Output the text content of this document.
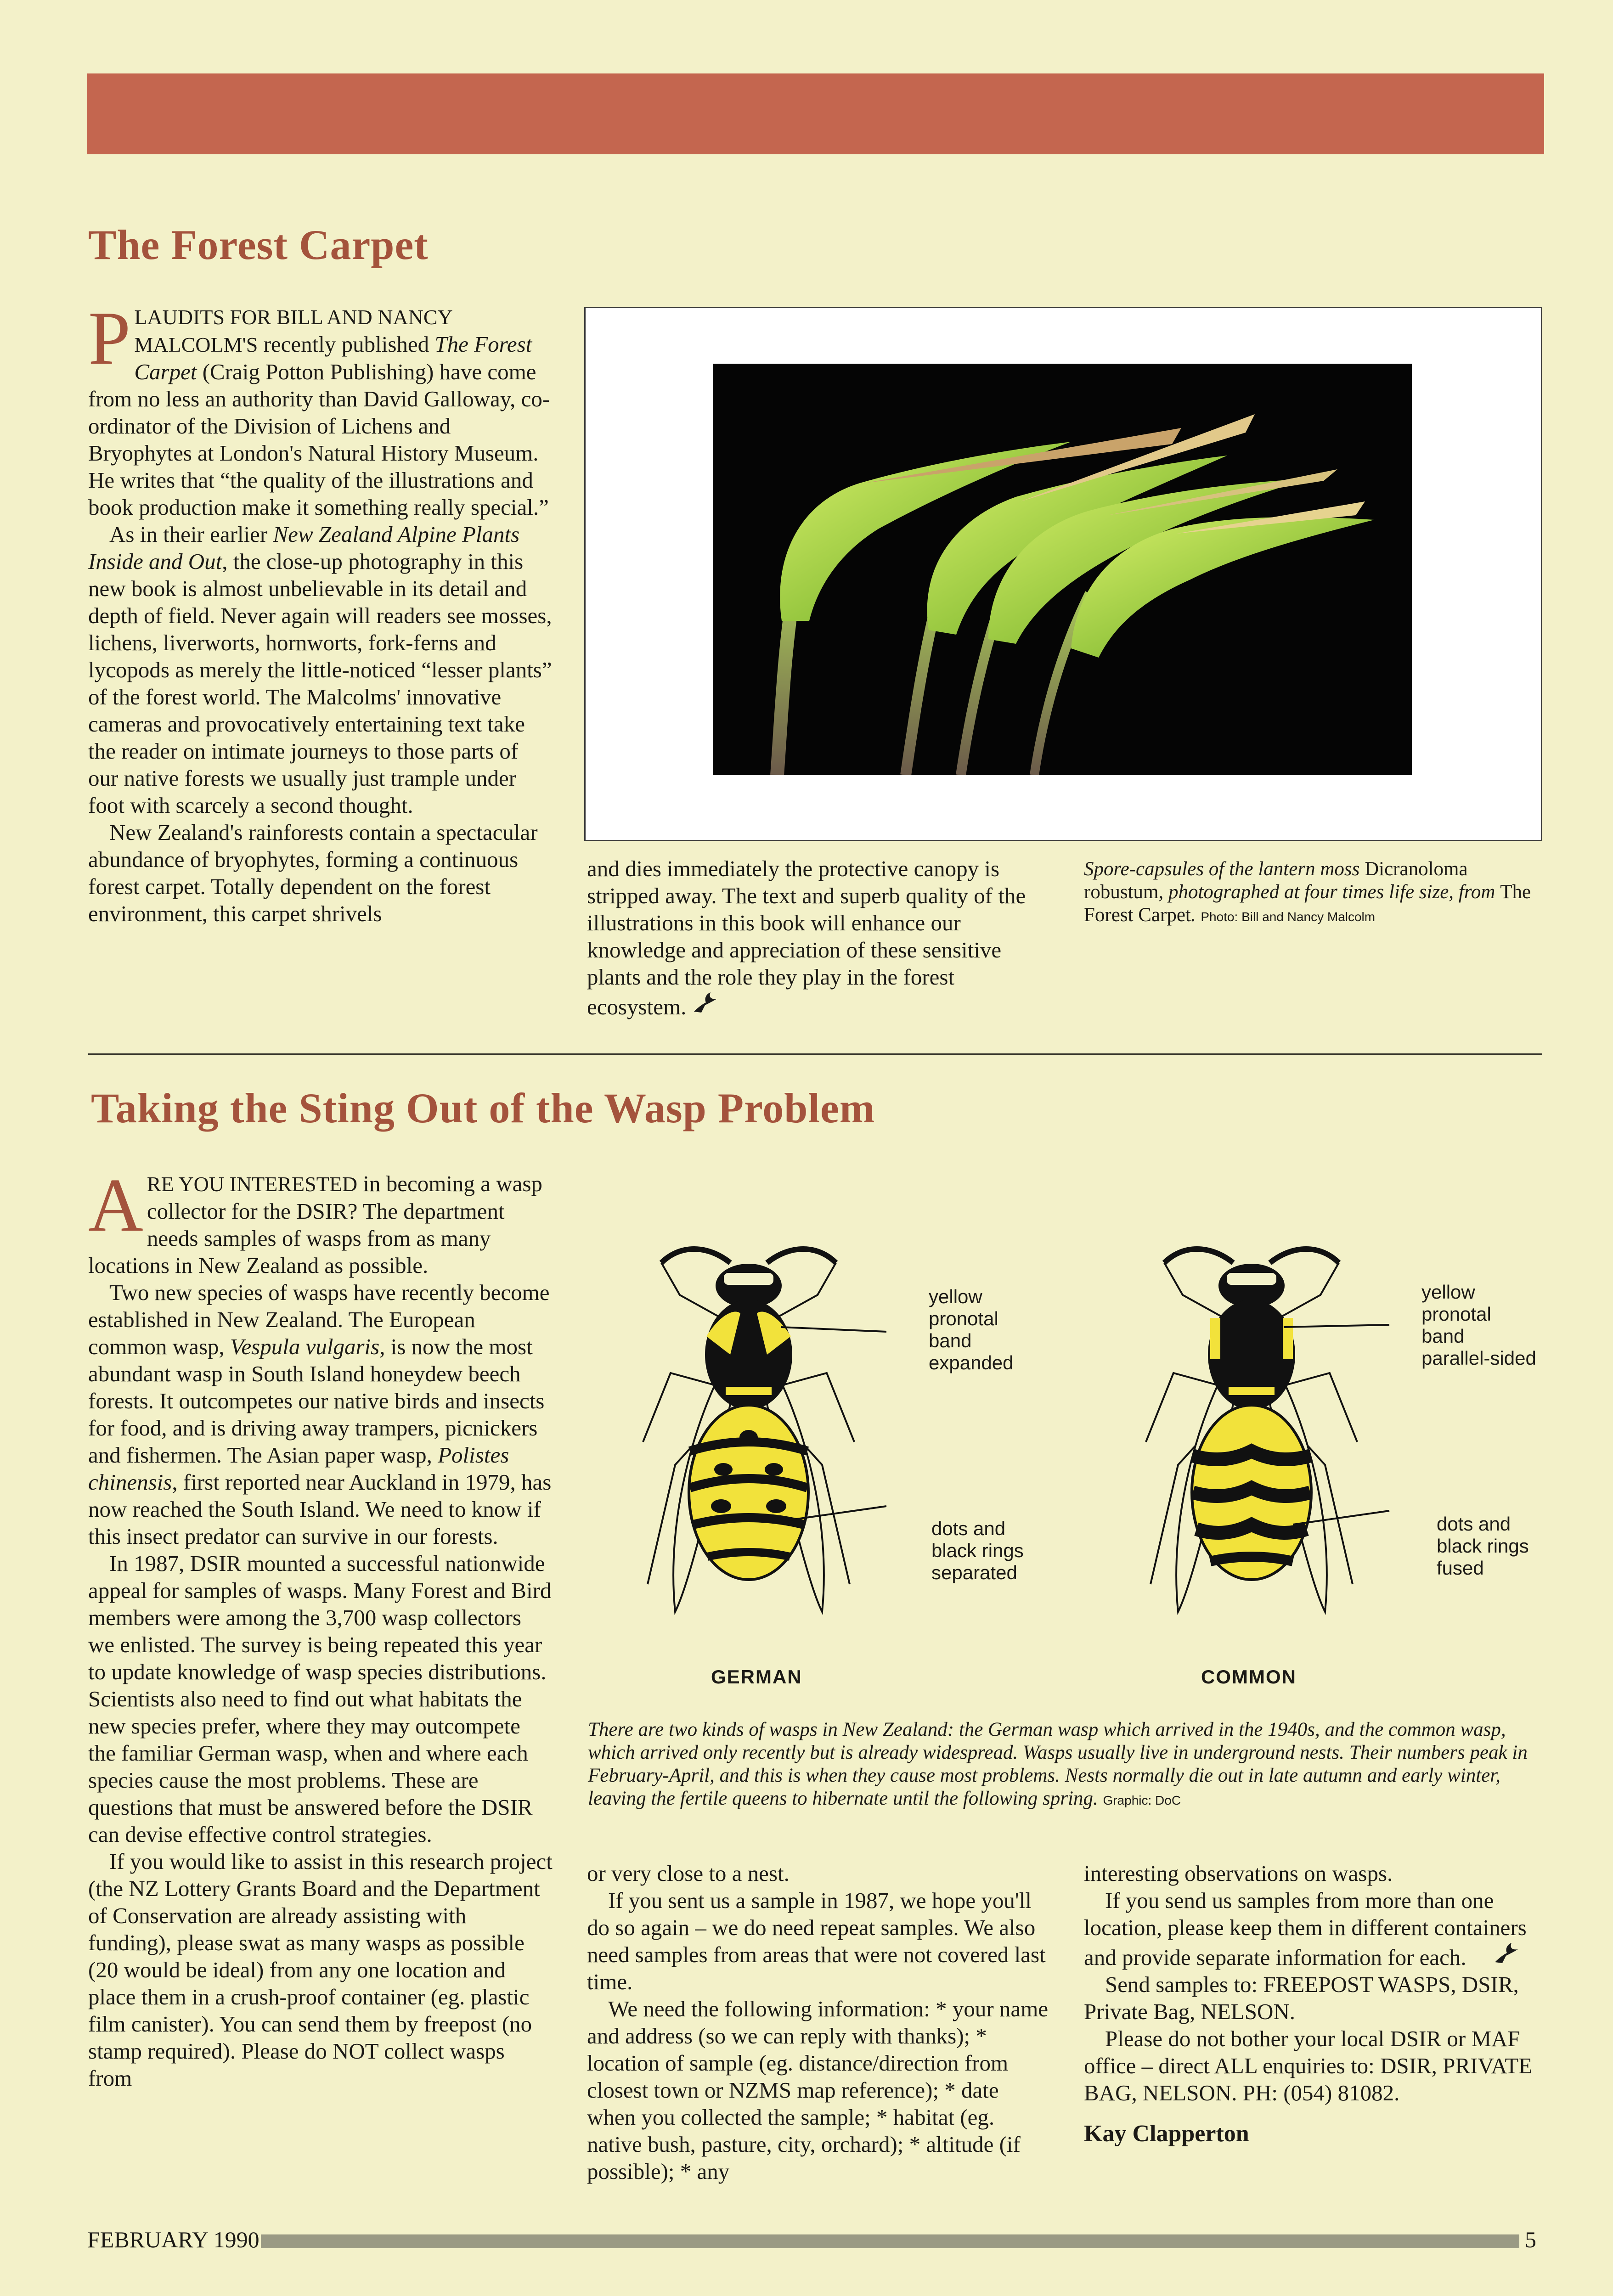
The Forest Carpet

PLAUDITS FOR BILL AND NANCY MALCOLM'S recently published The Forest Carpet (Craig Potton Publishing) have come from no less an authority than David Galloway, co-ordinator of the Division of Lichens and Bryophytes at London's Natural History Museum. He writes that “the quality of the illustrations and book production make it something really special.”

As in their earlier New Zealand Alpine Plants Inside and Out, the close-up photography in this new book is almost unbelievable in its detail and depth of field. Never again will readers see mosses, lichens, liverworts, hornworts, fork-ferns and lycopods as merely the little-noticed “lesser plants” of the forest world. The Malcolms' innovative cameras and provocatively entertaining text take the reader on intimate journeys to those parts of our native forests we usually just trample under foot with scarcely a second thought.

New Zealand's rainforests contain a spectacular abundance of bryophytes, forming a continuous forest carpet. Totally dependent on the forest environment, this carpet shrivels

and dies immediately the protective canopy is stripped away. The text and superb quality of the illustrations in this book will enhance our knowledge and appreciation of these sensitive plants and the role they play in the forest ecosystem.

Spore-capsules of the lantern moss Dicranoloma robustum, photographed at four times life size, from The Forest Carpet. Photo: Bill and Nancy Malcolm
Taking the Sting Out of the Wasp Problem

ARE YOU INTERESTED in becoming a wasp collector for the DSIR? The department needs samples of wasps from as many locations in New Zealand as possible.

Two new species of wasps have recently become established in New Zealand. The European common wasp, Vespula vulgaris, is now the most abundant wasp in South Island honeydew beech forests. It outcompetes our native birds and insects for food, and is driving away trampers, picnickers and fishermen. The Asian paper wasp, Polistes chinensis, first reported near Auckland in 1979, has now reached the South Island. We need to know if this insect predator can survive in our forests.

In 1987, DSIR mounted a successful nationwide appeal for samples of wasps. Many Forest and Bird members were among the 3,700 wasp collectors we enlisted. The survey is being repeated this year to update knowledge of wasp species distributions. Scientists also need to find out what habitats the new species prefer, where they may outcompete the familiar German wasp, when and where each species cause the most problems. These are questions that must be answered before the DSIR can devise effective control strategies.

If you would like to assist in this research project (the NZ Lottery Grants Board and the Department of Conservation are already assisting with funding), please swat as many wasps as possible (20 would be ideal) from any one location and place them in a crush-proof container (eg. plastic film canister). You can send them by freepost (no stamp required). Please do NOT collect wasps from

yellow
pronotal
band
expanded
dots and
black rings
separated
yellow
pronotal
band
parallel-sided
dots and
black rings
fused
GERMAN	COMMON
There are two kinds of wasps in New Zealand: the German wasp which arrived in the 1940s, and the common wasp, which arrived only recently but is already widespread. Wasps usually live in underground nests. Their numbers peak in February-April, and this is when they cause most problems. Nests normally die out in late autumn and early winter, leaving the fertile queens to hibernate until the following spring. Graphic: DoC

or very close to a nest.

If you sent us a sample in 1987, we hope you'll do so again – we do need repeat samples. We also need samples from areas that were not covered last time.

We need the following information: * your name and address (so we can reply with thanks); * location of sample (eg. distance/direction from closest town or NZMS map reference); * date when you collected the sample; * habitat (eg. native bush, pasture, city, orchard); * altitude (if possible); * any

interesting observations on wasps.

If you send us samples from more than one location, please keep them in different containers and provide separate information for each.

Send samples to: FREEPOST WASPS, DSIR, Private Bag, NELSON.

Please do not bother your local DSIR or MAF office – direct ALL enquiries to: DSIR, PRIVATE BAG, NELSON. PH: (054) 81082.

Kay Clapperton

FEBRUARY 1990	5
